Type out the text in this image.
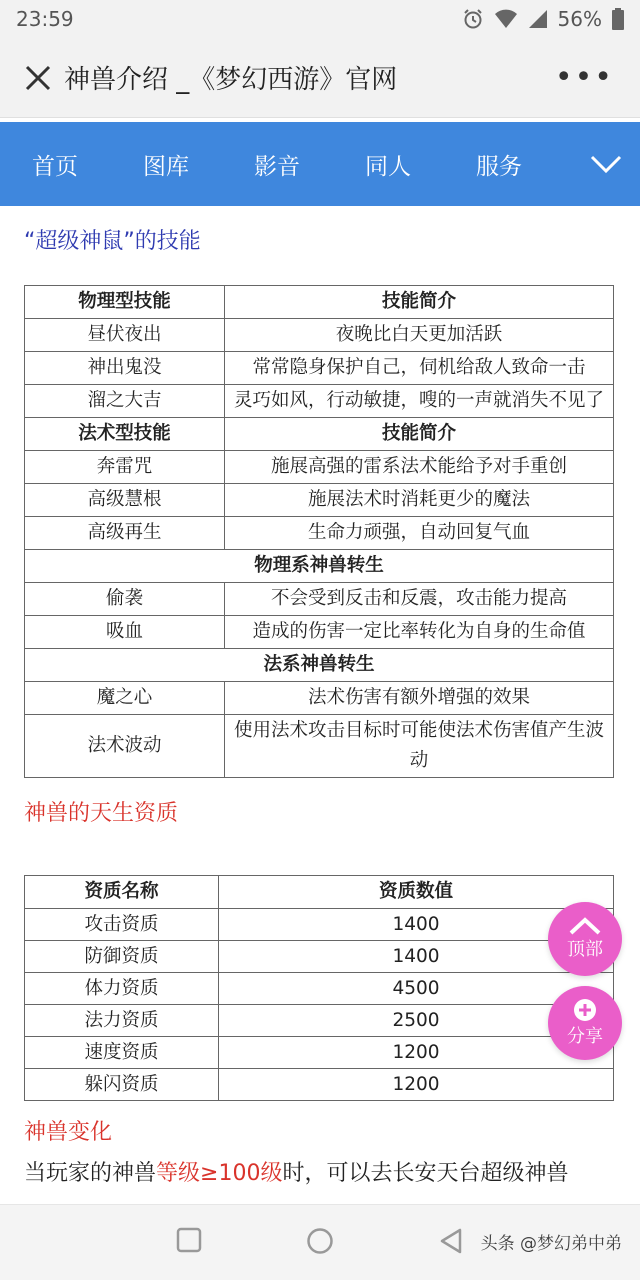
23:59	56%
神兽介绍 _《梦幻西游》官网	•••
首页	图库	影音	同人	服务
“超级神鼠”的技能
物理型技能	技能简介
昼伏夜出	夜晚比白天更加活跃
神出鬼没	常常隐身保护自己，伺机给敌人致命一击
溜之大吉	灵巧如风，行动敏捷，嗖的一声就消失不见了
法术型技能	技能简介
奔雷咒	施展高强的雷系法术能给予对手重创
高级慧根	施展法术时消耗更少的魔法
高级再生	生命力顽强，自动回复气血
物理系神兽转生	
偷袭	不会受到反击和反震，攻击能力提高
吸血	造成的伤害一定比率转化为自身的生命值
法系神兽转生	
魔之心	法术伤害有额外增强的效果
法术波动	使用法术攻击目标时可能使法术伤害值产生波动
神兽的天生资质
资质名称	资质数值
攻击资质	1400
防御资质	1400
体力资质	4500
法力资质	2500
速度资质	1200
躲闪资质	1200
神兽变化
当玩家的神兽等级≥100级时，可以去长安天台超级神兽
顶部
分享
头条 @梦幻弟中弟
